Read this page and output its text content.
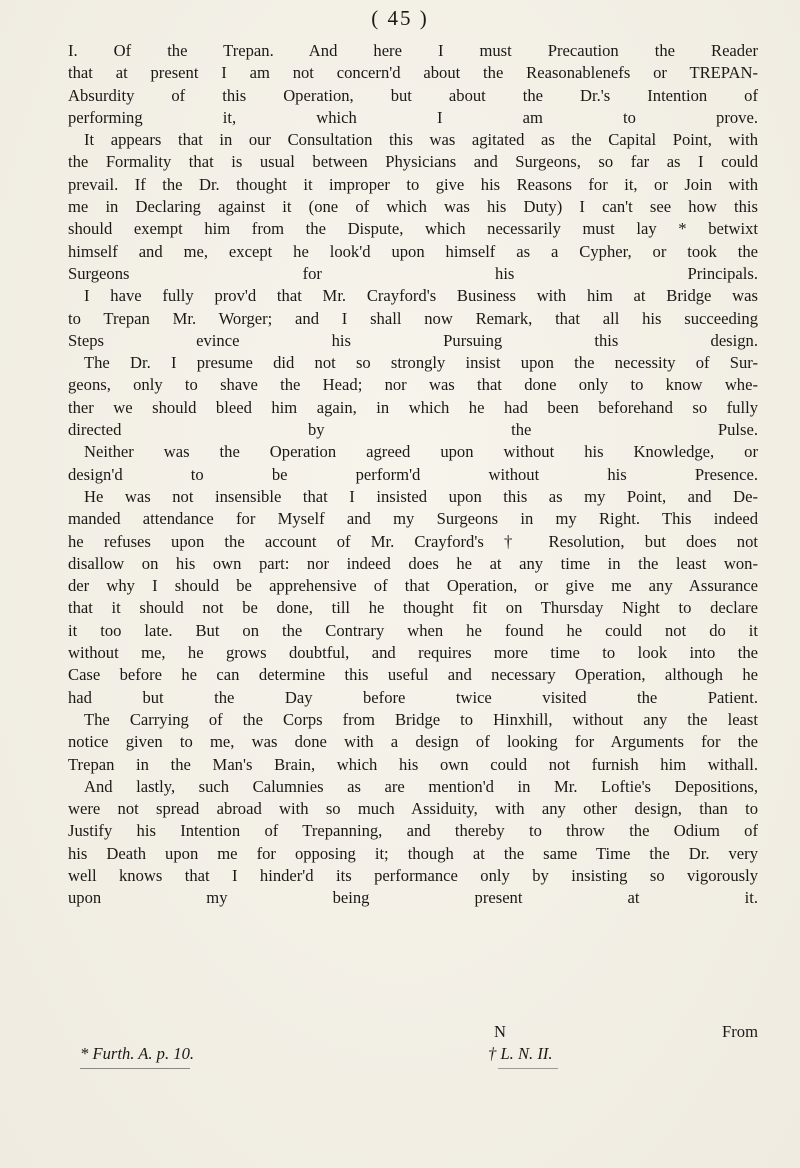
( 45 )

I. Of the Trepan. And here I must Precaution the Reader
that at present I am not concern'd about the Reasonablenefs or TREPAN-
Absurdity of this Operation, but about the Dr.'s Intention of
performing it, which I am to prove.

It appears that in our Consultation this was agitated as the Capital Point, with
the Formality that is usual between Physicians and Surgeons, so far as I could
prevail. If the Dr. thought it improper to give his Reasons for it, or Join with
me in Declaring against it (one of which was his Duty) I can't see how this
should exempt him from the Dispute, which necessarily must lay * betwixt
himself and me, except he look'd upon himself as a Cypher, or took the
Surgeons for his Principals.

I have fully prov'd that Mr. Crayford's Business with him at Bridge was
to Trepan Mr. Worger; and I shall now Remark, that all his succeeding
Steps evince his Pursuing this design.

The Dr. I presume did not so strongly insist upon the necessity of Sur-
geons, only to shave the Head; nor was that done only to know whe-
ther we should bleed him again, in which he had been beforehand so fully
directed by the Pulse.

Neither was the Operation agreed upon without his Knowledge, or
design'd to be perform'd without his Presence.

He was not insensible that I insisted upon this as my Point, and De-
manded attendance for Myself and my Surgeons in my Right. This indeed
he refuses upon the account of Mr. Crayford's † Resolution, but does not
disallow on his own part: nor indeed does he at any time in the least won-
der why I should be apprehensive of that Operation, or give me any Assurance
that it should not be done, till he thought fit on Thursday Night to declare
it too late. But on the Contrary when he found he could not do it
without me, he grows doubtful, and requires more time to look into the
Case before he can determine this useful and necessary Operation, although he
had but the Day before twice visited the Patient.

The Carrying of the Corps from Bridge to Hinxhill, without any the least
notice given to me, was done with a design of looking for Arguments for the
Trepan in the Man's Brain, which his own could not furnish him withall.

And lastly, such Calumnies as are mention'd in Mr. Loftie's Depositions,
were not spread abroad with so much Assiduity, with any other design, than to
Justify his Intention of Trepanning, and thereby to throw the Odium of
his Death upon me for opposing it; though at the same Time the Dr. very
well knows that I hinder'd its performance only by insisting so vigorously
upon my being present at it.

N	From
* Furth. A. p. 10.	† L. N. II.
